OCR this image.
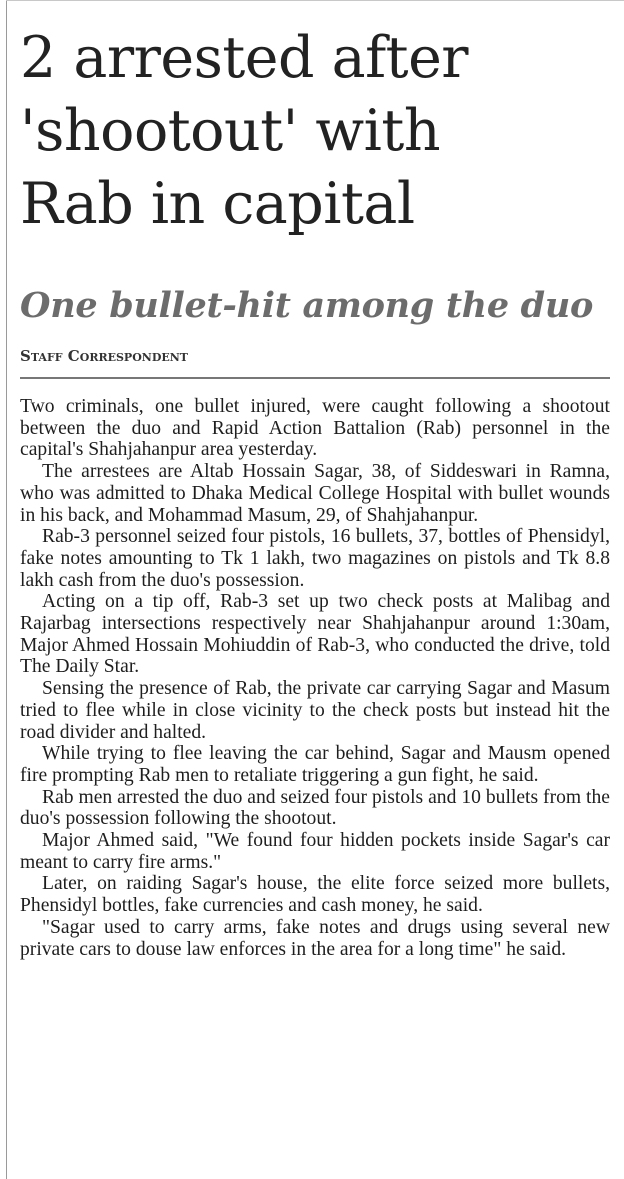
2 arrested after
'shootout' with
Rab in capital
One bullet-hit among the duo
Staff Correspondent

Two criminals, one bullet injured, were caught following a shootout between the duo and Rapid Action Battalion (Rab) personnel in the capital's Shahjahanpur area yesterday.

The arrestees are Altab Hossain Sagar, 38, of Siddeswari in Ramna, who was admitted to Dhaka Medical College Hospital with bullet wounds in his back, and Mohammad Masum, 29, of Shahjahanpur.

Rab-3 personnel seized four pistols, 16 bullets, 37, bottles of Phensidyl, fake notes amounting to Tk 1 lakh, two magazines on pistols and Tk 8.8 lakh cash from the duo's possession.

Acting on a tip off, Rab-3 set up two check posts at Malibag and Rajarbag intersections respectively near Shahjahanpur around 1:30am, Major Ahmed Hossain Mohiuddin of Rab-3, who conducted the drive, told The Daily Star.

Sensing the presence of Rab, the private car carrying Sagar and Masum tried to flee while in close vicinity to the check posts but instead hit the road divider and halted.

While trying to flee leaving the car behind, Sagar and Mausm opened fire prompting Rab men to retaliate triggering a gun fight, he said.

Rab men arrested the duo and seized four pistols and 10 bullets from the duo's possession following the shootout.

Major Ahmed said, "We found four hidden pockets inside Sagar's car meant to carry fire arms."

Later, on raiding Sagar's house, the elite force seized more bullets, Phensidyl bottles, fake currencies and cash money, he said.

"Sagar used to carry arms, fake notes and drugs using several new private cars to douse law enforces in the area for a long time" he said.
